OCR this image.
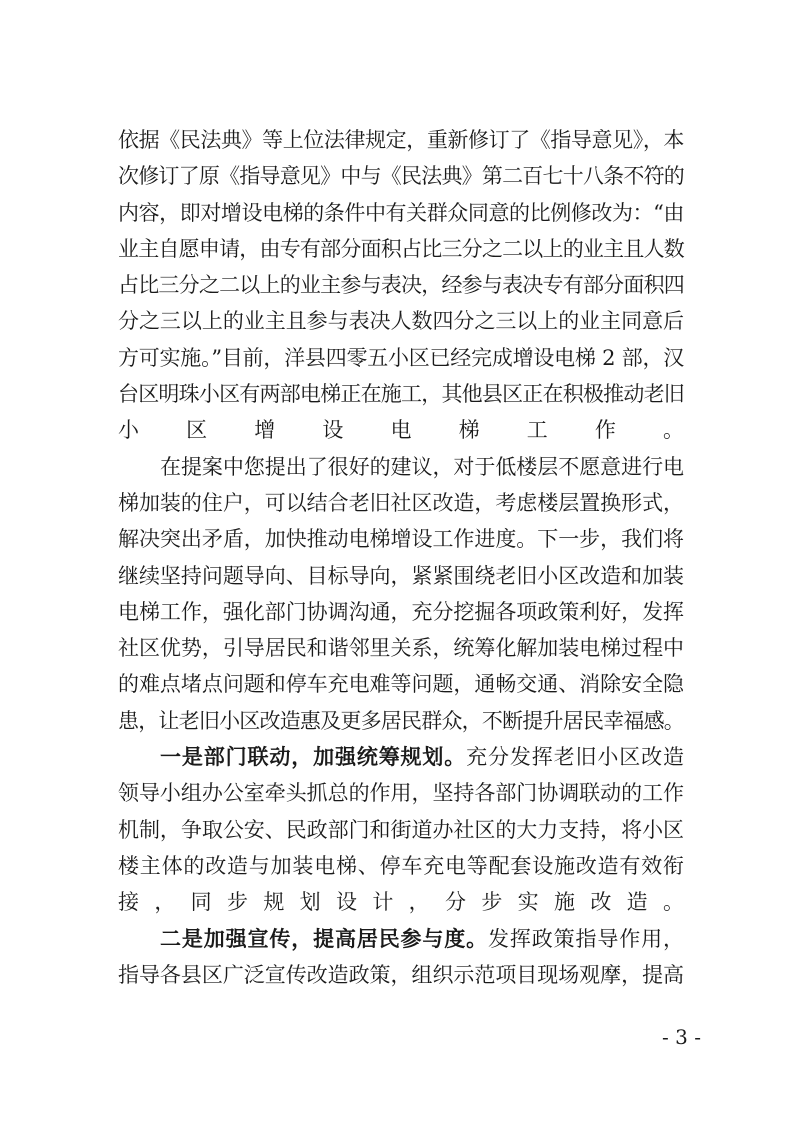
依据《民法典》等上位法律规定，重新修订了《指导意见》，本
次修订了原《指导意见》中与《民法典》第二百七十八条不符的
内容，即对增设电梯的条件中有关群众同意的比例修改为：“由
业主自愿申请，由专有部分面积占比三分之二以上的业主且人数
占比三分之二以上的业主参与表决，经参与表决专有部分面积四
分之三以上的业主且参与表决人数四分之三以上的业主同意后
方可实施。”目前，洋县四零五小区已经完成增设电梯 2 部，汉
台区明珠小区有两部电梯正在施工，其他县区正在积极推动老旧
小区增设电梯工作。
在提案中您提出了很好的建议，对于低楼层不愿意进行电
梯加装的住户，可以结合老旧社区改造，考虑楼层置换形式，
解决突出矛盾，加快推动电梯增设工作进度。下一步，我们将
继续坚持问题导向、目标导向，紧紧围绕老旧小区改造和加装
电梯工作，强化部门协调沟通，充分挖掘各项政策利好，发挥
社区优势，引导居民和谐邻里关系，统筹化解加装电梯过程中
的难点堵点问题和停车充电难等问题，通畅交通、消除安全隐
患，让老旧小区改造惠及更多居民群众，不断提升居民幸福感。
一是部门联动，加强统筹规划。充分发挥老旧小区改造
领导小组办公室牵头抓总的作用，坚持各部门协调联动的工作
机制，争取公安、民政部门和街道办社区的大力支持，将小区
楼主体的改造与加装电梯、停车充电等配套设施改造有效衔
接，同步规划设计，分步实施改造。
二是加强宣传，提高居民参与度。发挥政策指导作用，
指导各县区广泛宣传改造政策，组织示范项目现场观摩，提高
- 3 -
